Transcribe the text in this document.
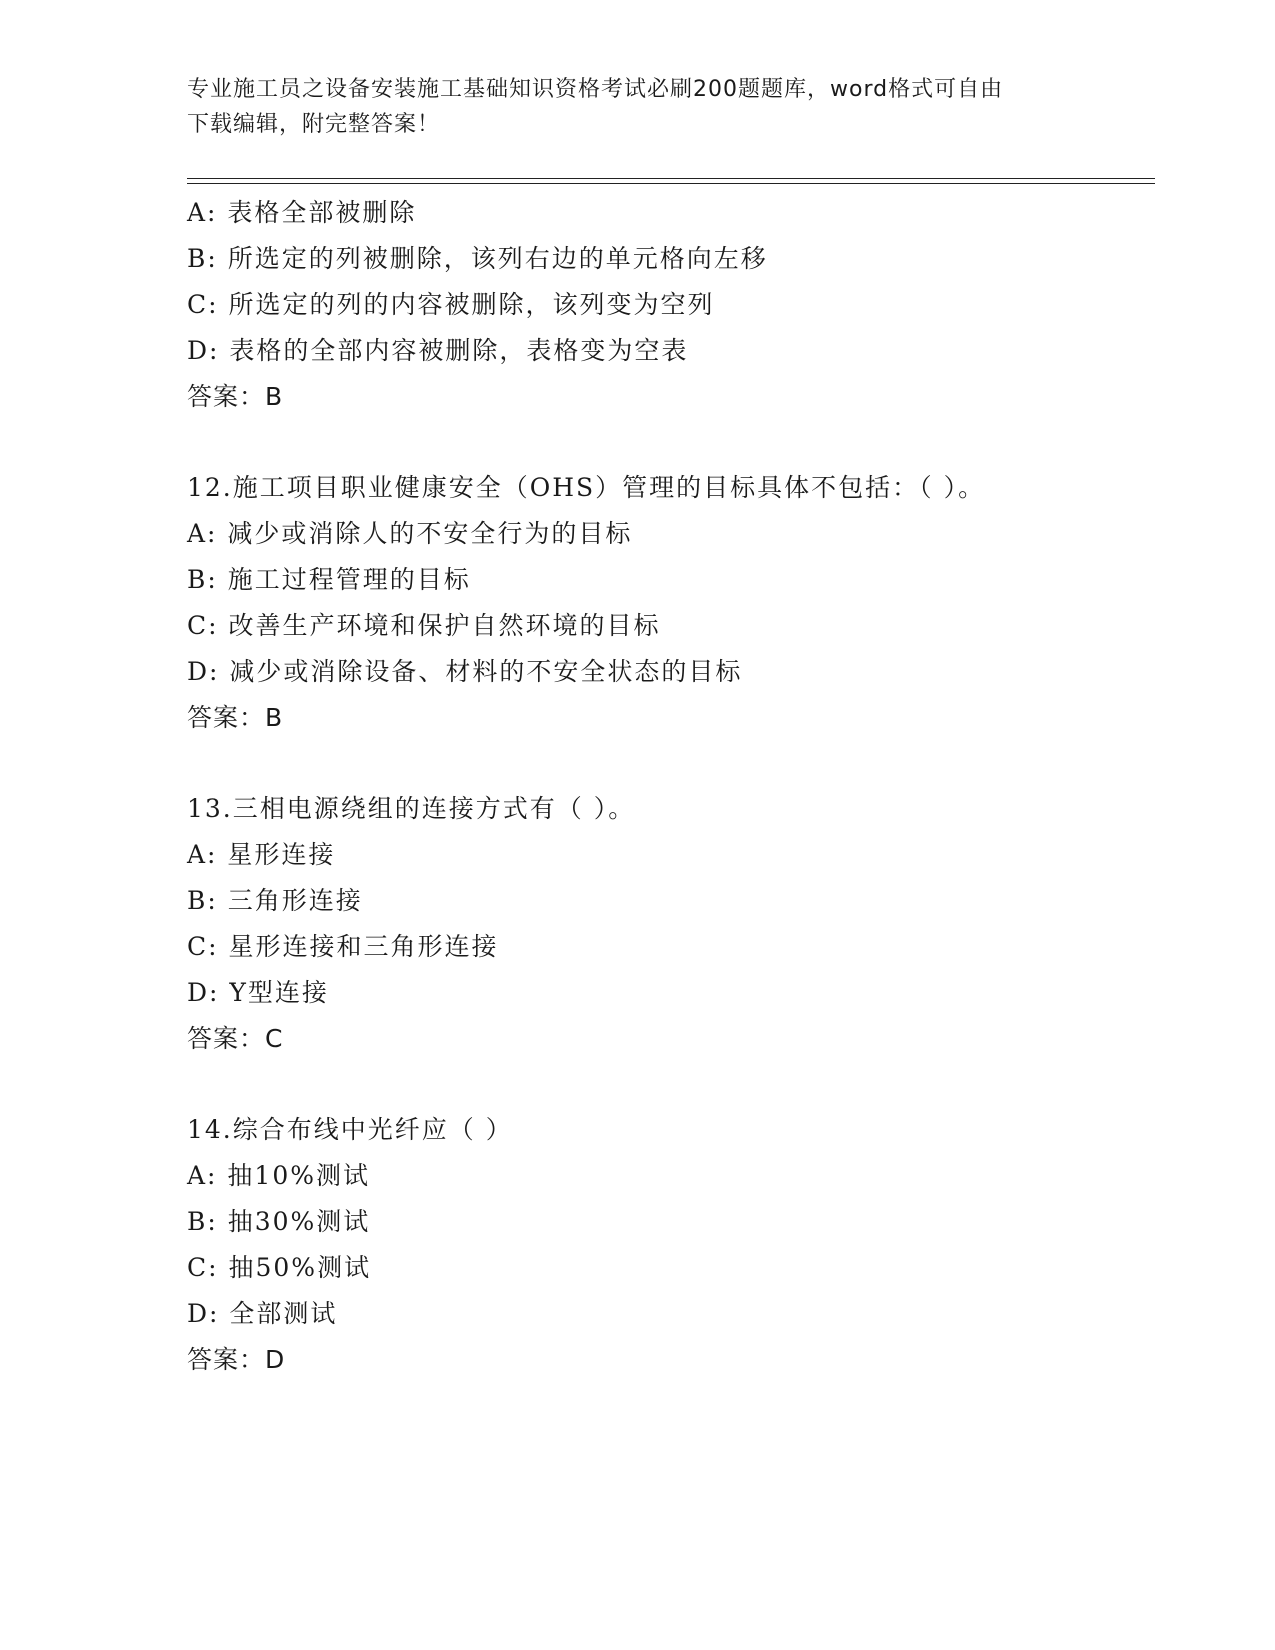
专业施工员之设备安装施工基础知识资格考试必刷200题题库，word格式可自由
下载编辑，附完整答案！
A: 表格全部被删除
B: 所选定的列被删除，该列右边的单元格向左移
C: 所选定的列的内容被删除，该列变为空列
D: 表格的全部内容被删除，表格变为空表
答案：B
12.施工项目职业健康安全（OHS）管理的目标具体不包括：（ ）。
A: 减少或消除人的不安全行为的目标
B: 施工过程管理的目标
C: 改善生产环境和保护自然环境的目标
D: 减少或消除设备、材料的不安全状态的目标
答案：B
13.三相电源绕组的连接方式有（ ）。
A: 星形连接
B: 三角形连接
C: 星形连接和三角形连接
D: Y型连接
答案：C
14.综合布线中光纤应（ ）
A: 抽10%测试
B: 抽30%测试
C: 抽50%测试
D: 全部测试
答案：D
